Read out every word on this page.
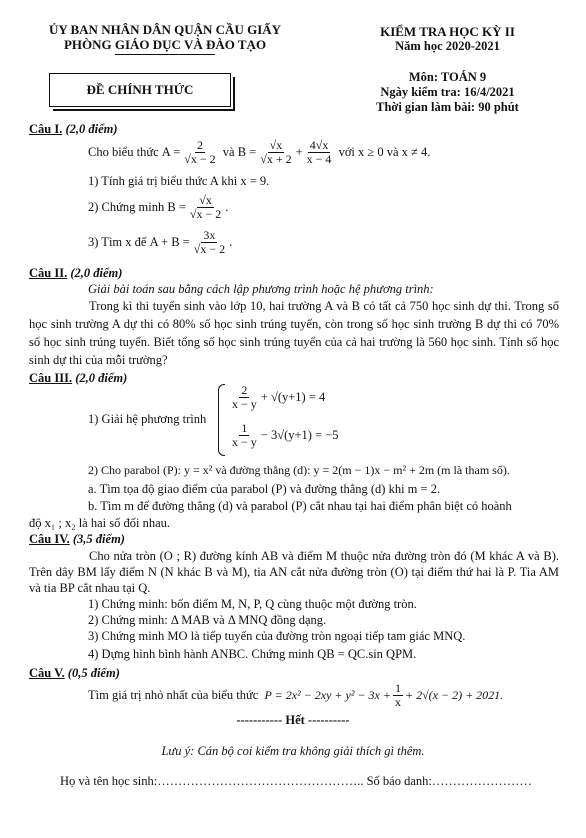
ỦY BAN NHÂN DÂN QUẬN CẦU GIẤY
PHÒNG GIÁO DỤC VÀ ĐÀO TẠO
KIỂM TRA HỌC KỲ II
Năm học 2020-2021
ĐỀ CHÍNH THỨC
Môn: TOÁN 9
Ngày kiểm tra: 16/4/2021
Thời gian làm bài: 90 phút
Câu I. (2,0 điểm)
Cho biểu thức
$A = \frac{2}{√x - 2}$
và
$B = \frac{√x}{√x + 2} + \frac{4√x}{x - 4}$
với x ≥ 0 và x ≠ 4.
1) Tính giá trị biểu thức A khi x = 9.
2) Chứng minh
$B = \frac{√x}{√x - 2}$ .
3) Tìm x để
$A + B = \frac{3x}{√x - 2}$ .
Câu II. (2,0 điểm)
Giải bài toán sau bằng cách lập phương trình hoặc hệ phương trình:
Trong kì thi tuyển sinh vào lớp 10, hai trường A và B có tất cả 750 học sinh dự thi. Trong số học sinh trường A dự thi có 80% số học sinh trúng tuyển, còn trong số học sinh trường B dự thi có 70% số học sinh trúng tuyển. Biết tổng số học sinh trúng tuyển của cả hai trường là 560 học sinh. Tính số học sinh dự thi của mỗi trường?
Câu III. (2,0 điểm)
1) Giải hệ phương trình
$\frac{2}{x - y} + √(y+1) = 4$
$\frac{1}{x - y} - 3√(y+1) = -5$
2) Cho parabol (P): y = x² và đường thẳng (d): y = 2(m − 1)x − m² + 2m (m là tham số).
a. Tìm tọa độ giao điểm của parabol (P) và đường thẳng (d) khi m = 2.
b. Tìm m để đường thẳng (d) và parabol (P) cắt nhau tại hai điểm phân biệt có hoành
độ x₁ ; x₂ là hai số đối nhau.
Câu IV. (3,5 điểm)
Cho nửa tròn (O ; R) đường kính AB và điểm M thuộc nửa đường tròn đó (M khác A và B). Trên dây BM lấy điểm N (N khác B và M), tia AN cắt nửa đường tròn (O) tại điểm thứ hai là P. Tia AM và tia BP cắt nhau tại Q.
1) Chứng minh: bốn điểm M, N, P, Q cùng thuộc một đường tròn.
2) Chứng minh: Δ MAB và Δ MNQ đồng dạng.
3) Chứng minh MO là tiếp tuyến của đường tròn ngoại tiếp tam giác MNQ.
4) Dựng hình bình hành ANBC. Chứng minh QB = QC.sin QPM.
Câu V. (0,5 điểm)
Tìm giá trị nhỏ nhất của biểu thức
$P = 2x^2 - 2xy + y^2 - 3x + \frac{1}{x} + 2√(x - 2) + 2021$.
----------- Hết ----------
Lưu ý: Cán bộ coi kiểm tra không giải thích gì thêm.
Họ và tên học sinh:………………………………………….. Số báo danh:……………………
